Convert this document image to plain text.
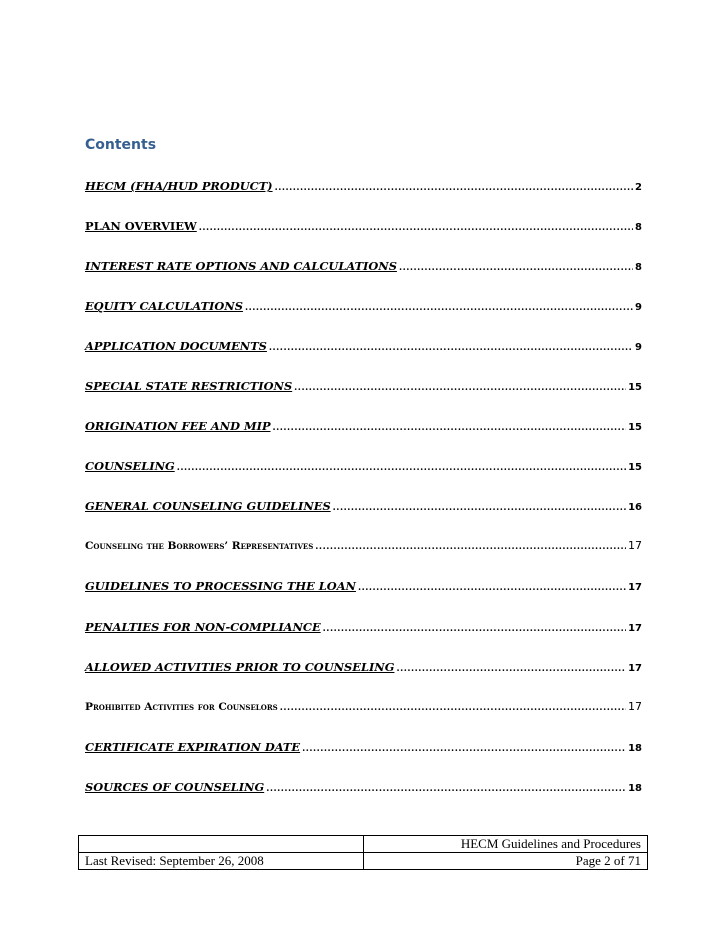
Contents
HECM (FHA/HUD PRODUCT) .....	2
PLAN OVERVIEW .....	8
INTEREST RATE OPTIONS AND CALCULATIONS .....	8
EQUITY CALCULATIONS .....	9
APPLICATION DOCUMENTS .....	9
SPECIAL STATE RESTRICTIONS .....	15
ORIGINATION FEE AND MIP .....	15
COUNSELING .....	15
GENERAL COUNSELING GUIDELINES .....	16
Counseling the Borrowers’ Representatives .....	17
GUIDELINES TO PROCESSING THE LOAN .....	17
PENALTIES FOR NON-COMPLIANCE .....	17
ALLOWED ACTIVITIES PRIOR TO COUNSELING .....	17
Prohibited Activities for Counselors .....	17
CERTIFICATE EXPIRATION DATE .....	18
SOURCES OF COUNSELING .....	18
	HECM Guidelines and Procedures
Last Revised: September 26, 2008	Page 2 of 71
